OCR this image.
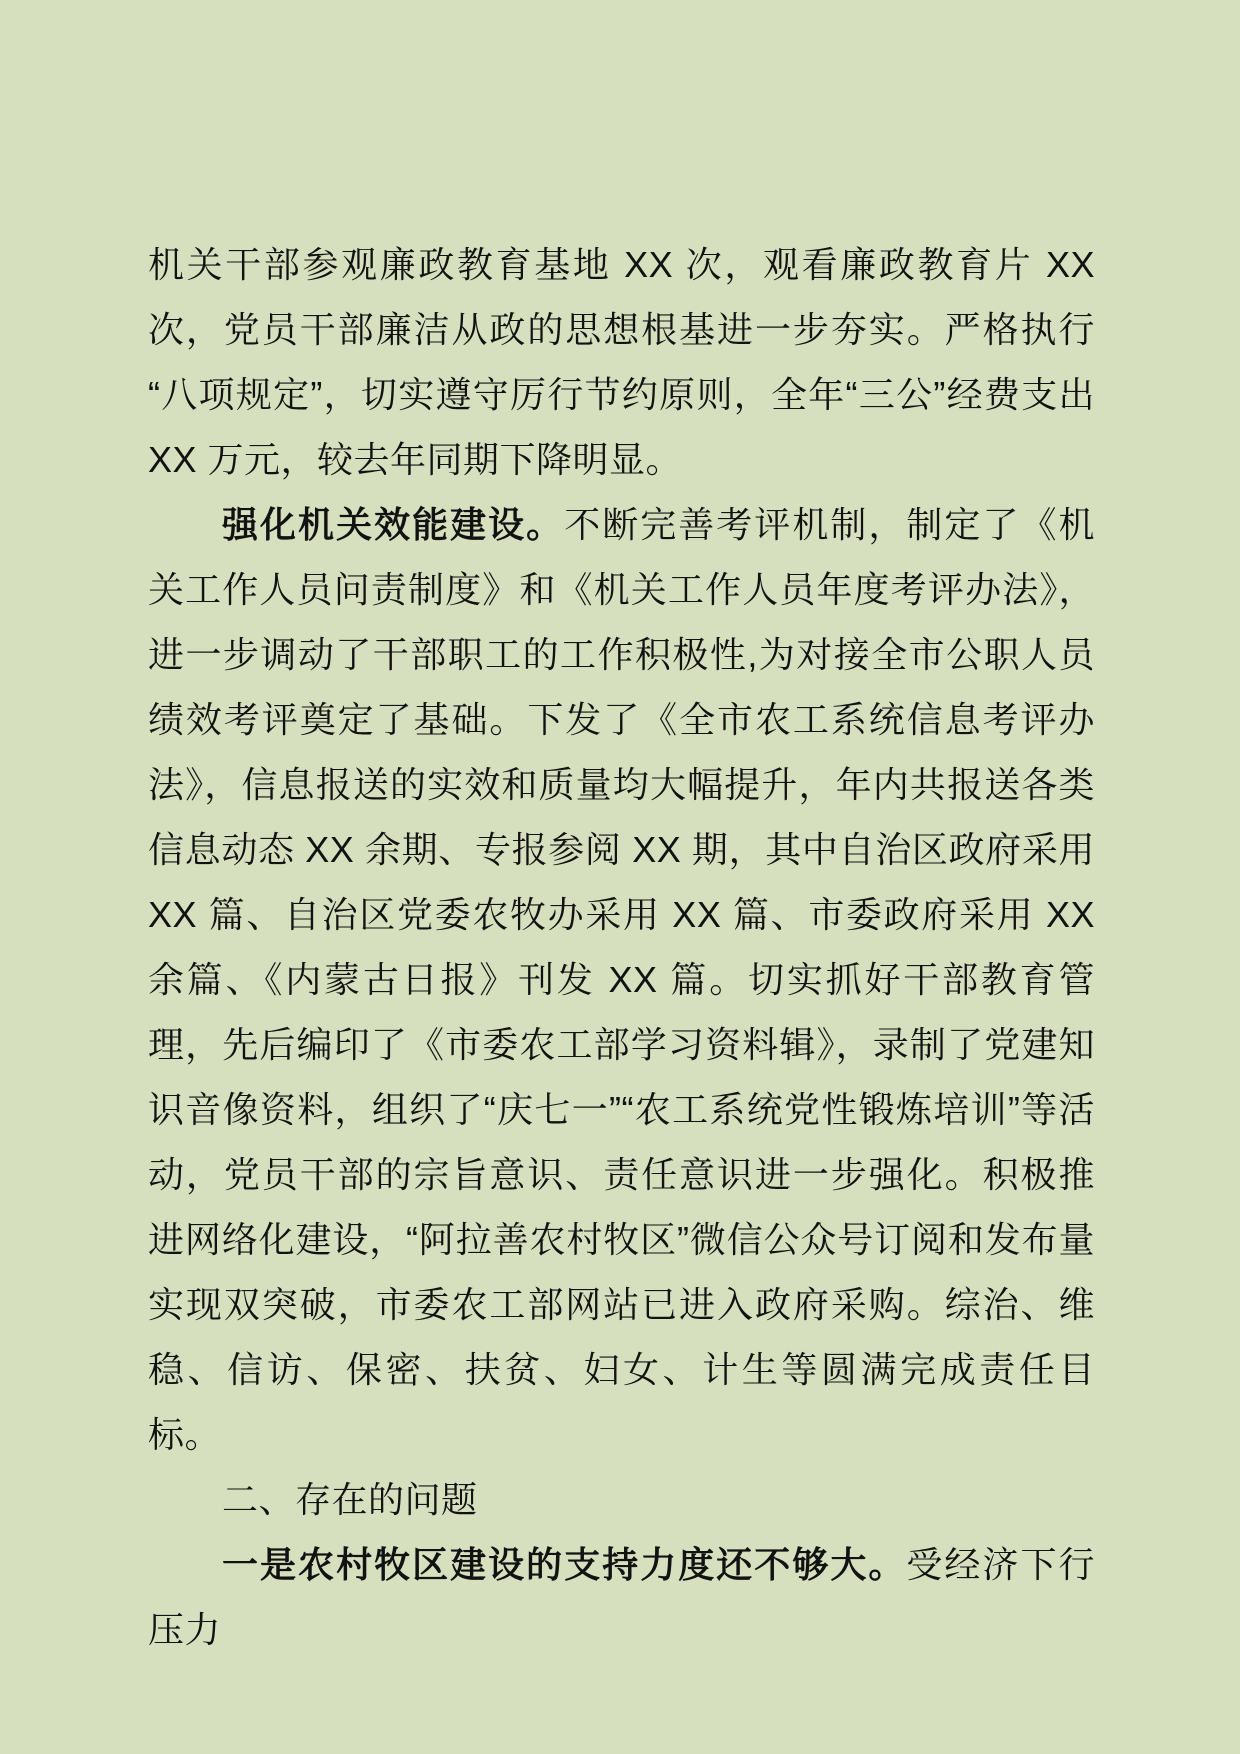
机关干部参观廉政教育基地 XX 次，观看廉政教育片 XX 次，党员干部廉洁从政的思想根基进一步夯实。严格执行“八项规定”，切实遵守厉行节约原则，全年“三公”经费支出 XX 万元，较去年同期下降明显。

强化机关效能建设。不断完善考评机制，制定了《机关工作人员问责制度》和《机关工作人员年度考评办法》，进一步调动了干部职工的工作积极性,为对接全市公职人员绩效考评奠定了基础。下发了《全市农工系统信息考评办法》，信息报送的实效和质量均大幅提升，年内共报送各类信息动态 XX 余期、专报参阅 XX 期，其中自治区政府采用 XX 篇、自治区党委农牧办采用 XX 篇、市委政府采用 XX 余篇、《内蒙古日报》刊发 XX 篇。切实抓好干部教育管理，先后编印了《市委农工部学习资料辑》，录制了党建知识音像资料，组织了“庆七一”“农工系统党性锻炼培训”等活动，党员干部的宗旨意识、责任意识进一步强化。积极推进网络化建设，“阿拉善农村牧区”微信公众号订阅和发布量实现双突破，市委农工部网站已进入政府采购。综治、维稳、信访、保密、扶贫、妇女、计生等圆满完成责任目标。

二、存在的问题

一是农村牧区建设的支持力度还不够大。受经济下行压力
